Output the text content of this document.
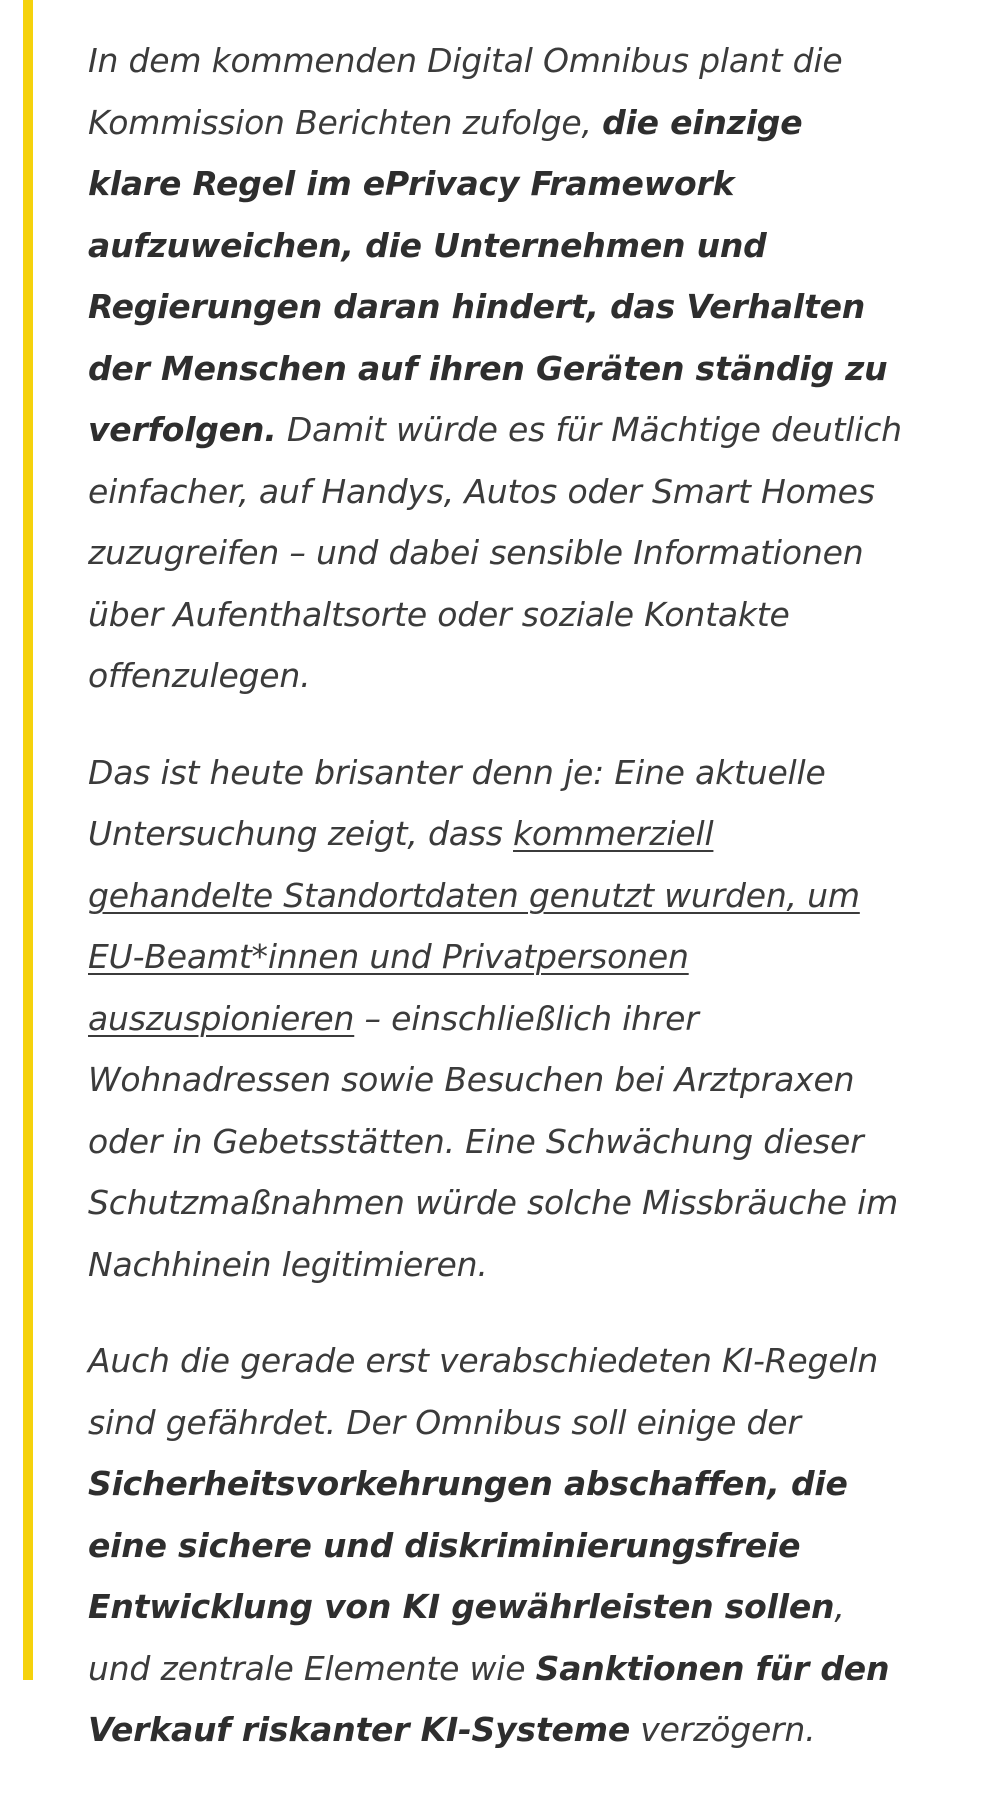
In dem kommenden Digital Omnibus plant die Kommission Berichten zufolge, die einzige klare Regel im ePrivacy Framework aufzuweichen, die Unternehmen und Regierungen daran hindert, das Verhalten der Menschen auf ihren Geräten ständig zu verfolgen. Damit würde es für Mächtige deutlich einfacher, auf Handys, Autos oder Smart Homes zuzugreifen – und dabei sensible Informationen über Aufenthaltsorte oder soziale Kontakte offenzulegen.

Das ist heute brisanter denn je: Eine aktuelle Untersuchung zeigt, dass kommerziell gehandelte Standortdaten genutzt wurden, um EU-Beamt*innen und Privatpersonen auszuspionieren – einschließlich ihrer Wohnadressen sowie Besuchen bei Arztpraxen oder in Gebetsstätten. Eine Schwächung dieser Schutzmaßnahmen würde solche Missbräuche im Nachhinein legitimieren.

Auch die gerade erst verabschiedeten KI-Regeln sind gefährdet. Der Omnibus soll einige der Sicherheitsvorkehrungen abschaffen, die eine sichere und diskriminierungsfreie Entwicklung von KI gewährleisten sollen, und zentrale Elemente wie Sanktionen für den Verkauf riskanter KI-Systeme verzögern.
